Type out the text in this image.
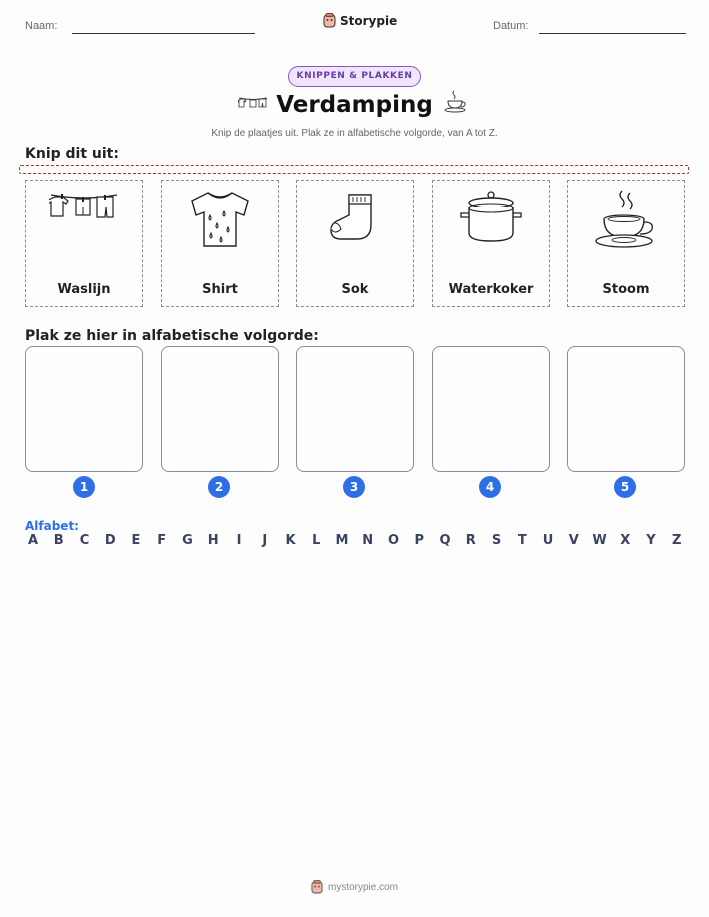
Naam:	Storypie	Datum:
KNIPPEN & PLAKKEN
Verdamping
Knip de plaatjes uit. Plak ze in alfabetische volgorde, van A tot Z.
Knip dit uit:
Waslijn	Shirt	Sok	Waterkoker	Stoom
Plak ze hier in alfabetische volgorde:
1	2	3	4	5
Alfabet:
A B C D E F G H	I	J	K L M N O P Q R S T U V W X Y Z
mystorypie.com
